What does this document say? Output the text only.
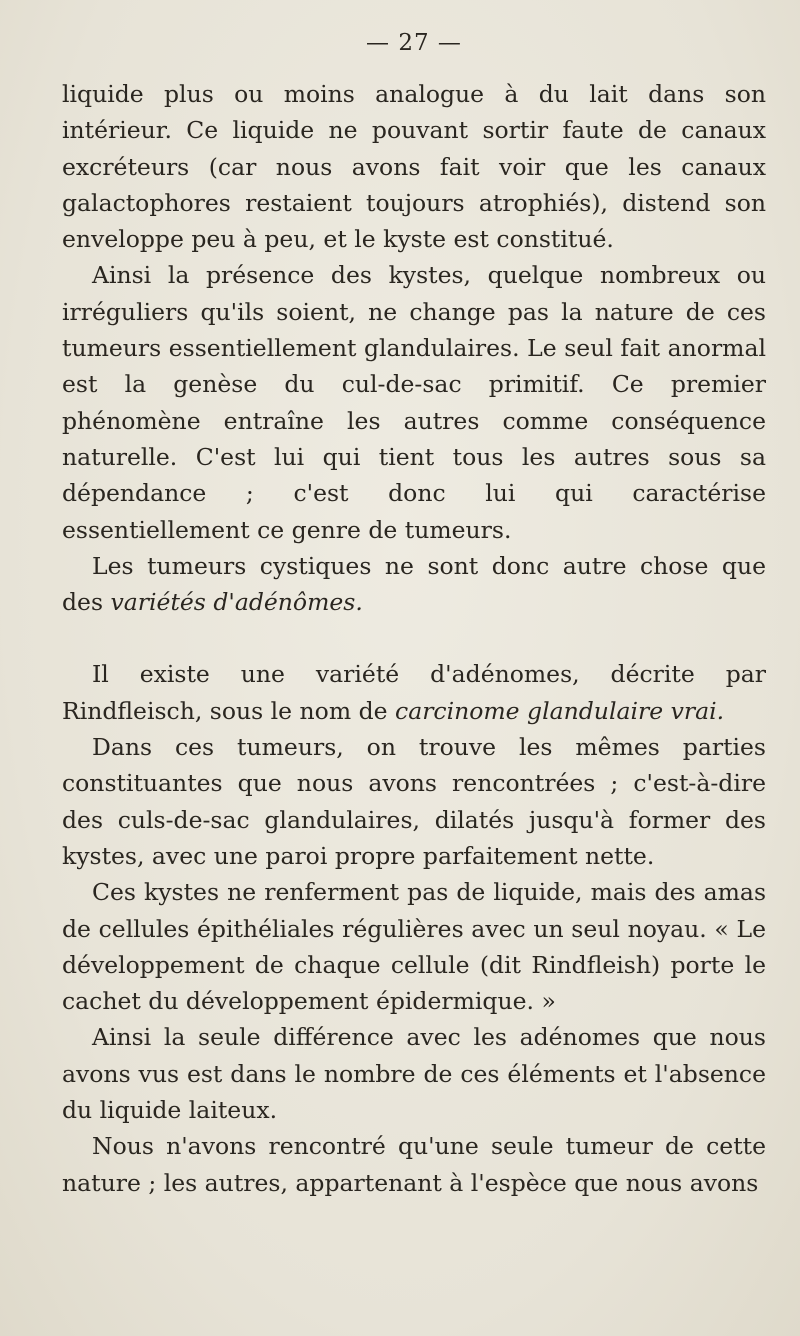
— 27 —

liquide plus ou moins analogue à du lait dans son intérieur. Ce liquide ne pouvant sortir faute de canaux excréteurs (car nous avons fait voir que les canaux galactophores restaient toujours atrophiés), distend son enveloppe peu à peu, et le kyste est constitué.

Ainsi la présence des kystes, quelque nombreux ou irréguliers qu'ils soient, ne change pas la nature de ces tumeurs essentiellement glandulaires. Le seul fait anormal est la genèse du cul-de-sac primitif. Ce premier phénomène entraîne les autres comme conséquence naturelle. C'est lui qui tient tous les autres sous sa dépendance ; c'est donc lui qui caractérise essentiellement ce genre de tumeurs.

Les tumeurs cystiques ne sont donc autre chose que des variétés d'adénômes.

Il existe une variété d'adénomes, décrite par Rindfleisch, sous le nom de carcinome glandulaire vrai.

Dans ces tumeurs, on trouve les mêmes parties constituantes que nous avons rencontrées ; c'est-à-dire des culs-de-sac glandulaires, dilatés jusqu'à former des kystes, avec une paroi propre parfaitement nette.

Ces kystes ne renferment pas de liquide, mais des amas de cellules épithéliales régulières avec un seul noyau. « Le développement de chaque cellule (dit Rindfleish) porte le cachet du développement épidermique. »

Ainsi la seule différence avec les adénomes que nous avons vus est dans le nombre de ces éléments et l'absence du liquide laiteux.

Nous n'avons rencontré qu'une seule tumeur de cette nature ; les autres, appartenant à l'espèce que nous avons
